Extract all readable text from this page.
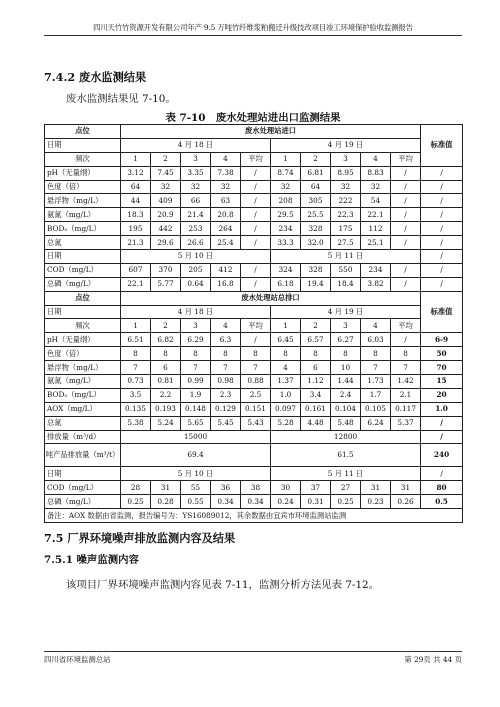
四川天竹竹资源开发有限公司年产 9.5 万吨竹纤维浆粕搬迁升级技改项目竣工环境保护验收监测报告
7.4.2 废水监测结果
废水监测结果见 7-10。
表 7-10　废水处理站进出口监测结果
点位	废水处理站进口										标准值
日期	4 月 18 日					4 月 19 日					
频次	1	2	3	4	平均	1	2	3	4	平均	
pH（无量纲）	3.12	7.45	3.35	7.38	/	8.74	6.81	8.95	8.83	/	/
色度（倍）	64	32	32	32	/	32	64	32	32	/	/
悬浮物（mg/L）	44	409	66	63	/	208	305	222	54	/	/
氨氮（mg/L）	18.3	20.9	21.4	20.8	/	29.5	25.5	22.3	22.1	/	/
BOD₅（mg/L）	195	442	253	264	/	234	328	175	112	/	/
总氮	21.3	29.6	26.6	25.4	/	33.3	32.0	27.5	25.1	/	/
日期	5 月 10 日					5 月 11 日					/
COD（mg/L）	607	370	205	412	/	324	328	550	234	/	/
总磷（mg/L）	22.1	5.77	0.64	16.8	/	6.18	19.4	18.4	3.82	/	/
点位	废水处理站总排口										标准值
日期	4 月 18 日					4 月 19 日					
频次	1	2	3	4	平均	1	2	3	4	平均	
pH（无量纲）	6.51	6.82	6.29	6.3	/	6.45	6.57	6.27	6.03	/	6-9
色度（倍）	8	8	8	8	8	8	8	8	8	8	50
悬浮物（mg/L）	7	6	7	7	7	4	6	10	7	7	70
氨氮（mg/L）	0.73	0.81	0.99	0.98	0.88	1.37	1.12	1.44	1.73	1.42	15
BOD₅（mg/L）	3.5	2.2	1.9	2.3	2.5	1.0	3.4	2.4	1.7	2.1	20
AOX（mg/L）	0.135	0.193	0.148	0.129	0.151	0.097	0.161	0.104	0.105	0.117	1.0
总氮	5.38	5.24	5.65	5.45	5.43	5.28	4.48	5.48	6.24	5.37	/
排放量（m³/d）	15000					12800					/
吨产品排放量（m³/t）	69.4					61.5					240
日期	5 月 10 日					5 月 11 日					/
COD（mg/L）	28	31	55	36	38	30	37	27	31	31	80
总磷（mg/L）	0.25	0.28	0.55	0.34	0.34	0.24	0.31	0.25	0.23	0.26	0.5
备注：AOX 数据由省监测，报告编号为：YS16089012，其余数据由宜宾市环境监测站监测											
7.5 厂界环境噪声排放监测内容及结果
7.5.1 噪声监测内容
该项目厂界环境噪声监测内容见表 7-11，监测分析方法见表 7-12。
四川省环境监测总站	第 29页 共 44 页
